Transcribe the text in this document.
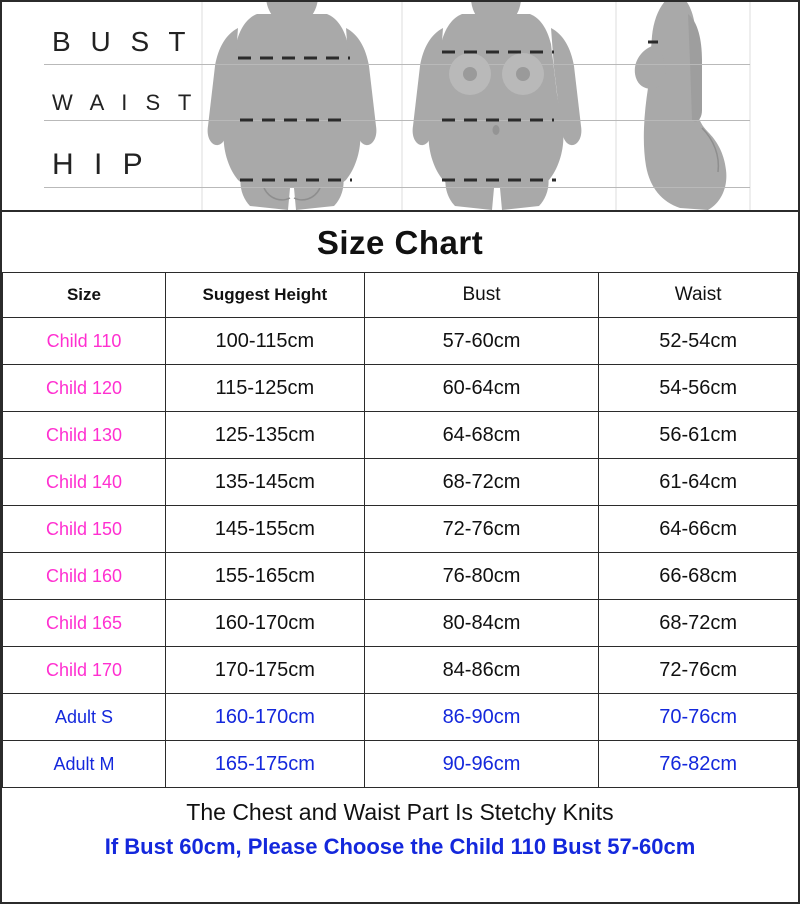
B U S T
W A I S T
H I P
Size Chart
Size	Suggest Height	Bust	Waist
Child 110	100-115cm	57-60cm	52-54cm
Child 120	115-125cm	60-64cm	54-56cm
Child 130	125-135cm	64-68cm	56-61cm
Child 140	135-145cm	68-72cm	61-64cm
Child 150	145-155cm	72-76cm	64-66cm
Child 160	155-165cm	76-80cm	66-68cm
Child 165	160-170cm	80-84cm	68-72cm
Child 170	170-175cm	84-86cm	72-76cm
Adult S	160-170cm	86-90cm	70-76cm
Adult M	165-175cm	90-96cm	76-82cm
The Chest and Waist Part Is Stetchy Knits
If Bust 60cm, Please Choose the Child 110 Bust 57-60cm
